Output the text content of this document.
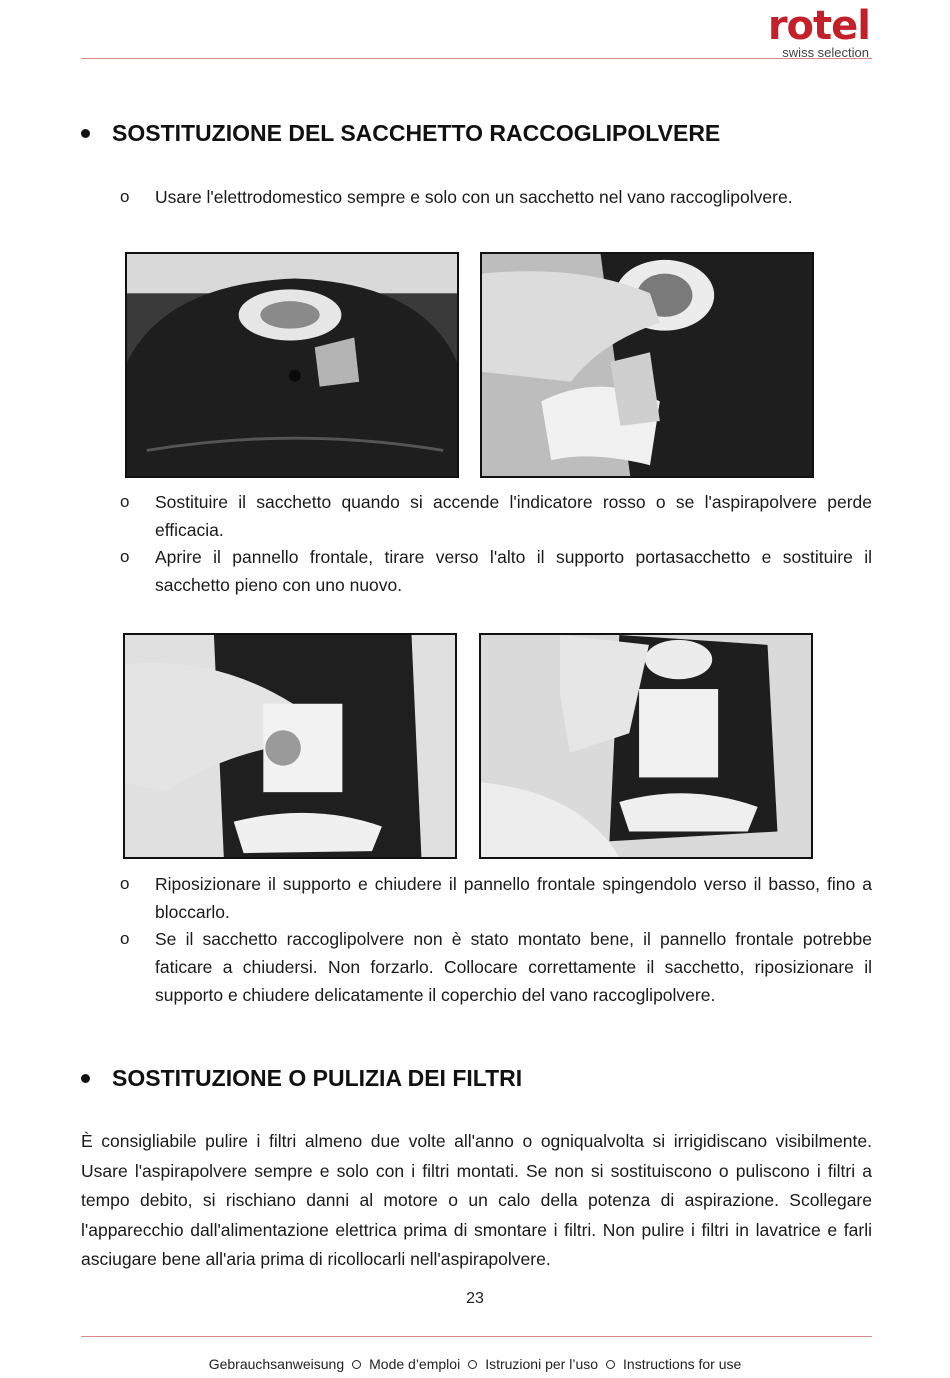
rotel
swiss selection
SOSTITUZIONE DEL SACCHETTO RACCOGLIPOLVERE
o Usare l'elettrodomestico sempre e solo con un sacchetto nel vano raccoglipolvere.
o Sostituire il sacchetto quando si accende l'indicatore rosso o se l'aspirapolvere perde efficacia.
o Aprire il pannello frontale, tirare verso l'alto il supporto portasacchetto e sostituire il sacchetto pieno con uno nuovo.
o Riposizionare il supporto e chiudere il pannello frontale spingendolo verso il basso, fino a bloccarlo.
o Se il sacchetto raccoglipolvere non è stato montato bene, il pannello frontale potrebbe faticare a chiudersi. Non forzarlo. Collocare correttamente il sacchetto, riposizionare il supporto e chiudere delicatamente il coperchio del vano raccoglipolvere.
SOSTITUZIONE O PULIZIA DEI FILTRI
È consigliabile pulire i filtri almeno due volte all'anno o ogniqualvolta si irrigidiscano visibilmente. Usare l'aspirapolvere sempre e solo con i filtri montati. Se non si sostituiscono o puliscono i filtri a tempo debito, si rischiano danni al motore o un calo della potenza di aspirazione. Scollegare l'apparecchio dall'alimentazione elettrica prima di smontare i filtri. Non pulire i filtri in lavatrice e farli asciugare bene all'aria prima di ricollocarli nell'aspirapolvere.
23
Gebrauchsanweisung Mode d’emploi Istruzioni per l’uso Instructions for use
